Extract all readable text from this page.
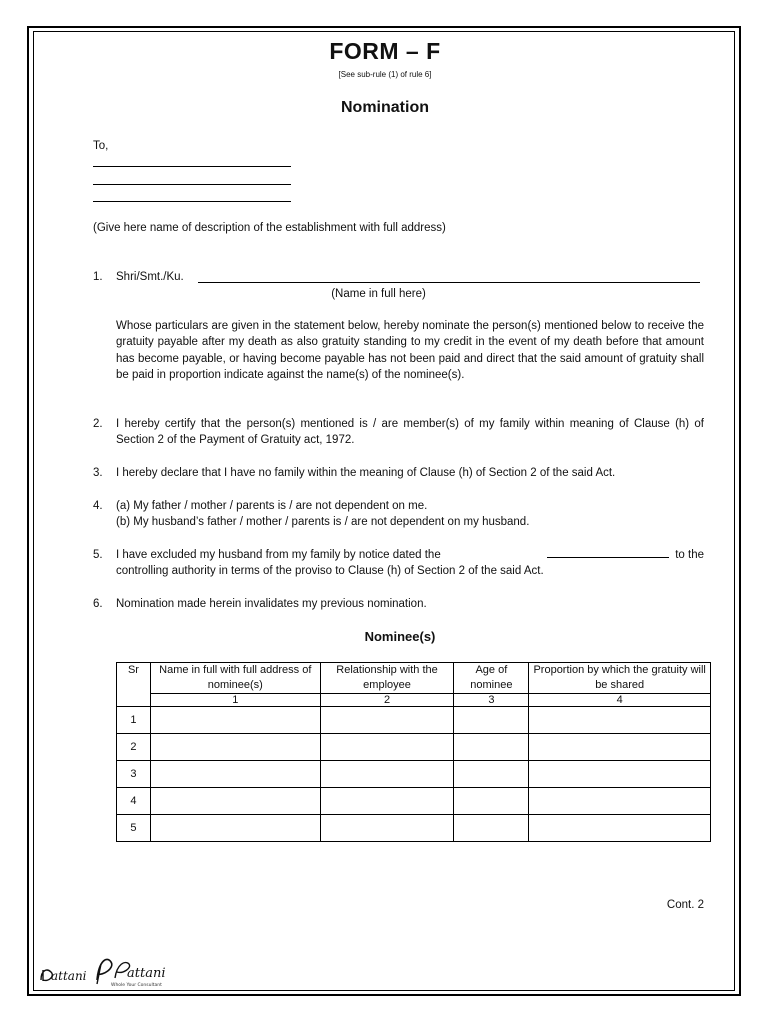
FORM – F
[See sub-rule (1) of rule 6]
Nomination
To,
(Give here name of description of the establishment with full address)
1. Shri/Smt./Ku.
(Name in full here)
Whose particulars are given in the statement below, hereby nominate the person(s) mentioned below to receive the gratuity payable after my death as also gratuity standing to my credit in the event of my death before that amount has become payable, or having become payable has not been paid and direct that the said amount of gratuity shall be paid in proportion indicate against the name(s) of the nominee(s).
2. I hereby certify that the person(s) mentioned is / are member(s) of my family within meaning of Clause (h) of Section 2 of the Payment of Gratuity act, 1972.
3. I hereby declare that I have no family within the meaning of Clause (h) of Section 2 of the said Act.
4. (a) My father / mother / parents is / are not dependent on me.
(b) My husband’s father / mother / parents is / are not dependent on my husband.
5. I have excluded my husband from my family by notice dated the	to the
controlling authority in terms of the proviso to Clause (h) of Section 2 of the said Act.
6. Nomination made herein invalidates my previous nomination.
Nominee(s)
Sr	Name in full with full address of nominee(s)	Relationship with the employee	Age of nominee	Proportion by which the gratuity will be shared
	1	2	3	4
1				
2				
3				
4				
5				
Cont. 2
attani	attani
Whole Your Consultant
